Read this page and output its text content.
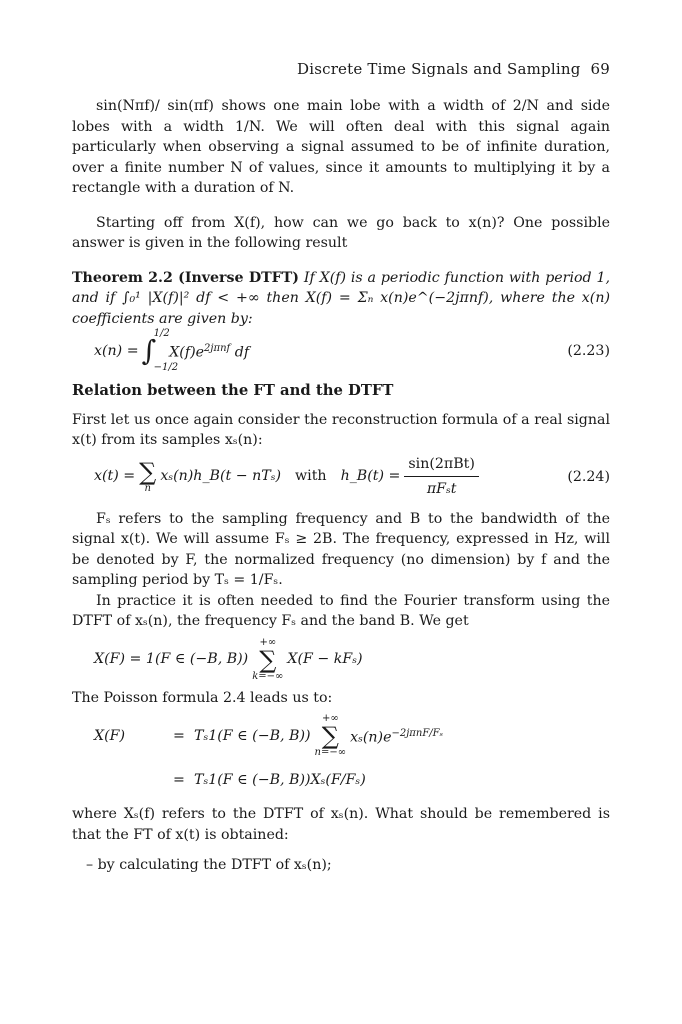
Discrete Time Signals and Sampling 69

sin(Nπf)/ sin(πf) shows one main lobe with a width of 2/N and side lobes with a width 1/N. We will often deal with this signal again particularly when observing a signal assumed to be of infinite duration, over a finite number N of values, since it amounts to multiplying it by a rectangle with a duration of N.

Starting off from X(f), how can we go back to x(n)? One possible answer is given in the following result

Theorem 2.2 (Inverse DTFT) If X(f) is a periodic function with period 1, and if ∫₀¹ |X(f)|² df < +∞ then X(f) = Σₙ x(n)e^(−2jπnf), where the x(n) coefficients are given by:

x(n) = ∫
1/2
−1/2
$X(f)e^{2j\pi nf}$ df	(2.23)

Relation between the FT and the DTFT

First let us once again consider the reconstruction formula of a real signal x(t) from its samples xₛ(n):

x(t) = ∑
n
xₛ(n)h_B(t − nTₛ) with h_B(t) = $\frac{\text{sin(2πBt)}}{\text{πFₛt}}$	(2.24)

Fₛ refers to the sampling frequency and B to the bandwidth of the signal x(t). We will assume Fₛ ≥ 2B. The frequency, expressed in Hz, will be denoted by F, the normalized frequency (no dimension) by f and the sampling period by Tₛ = 1/Fₛ.

In practice it is often needed to find the Fourier transform using the DTFT of xₛ(n), the frequency Fₛ and the band B. We get

X(F) = 1(F ∈ (−B, B))
+∞
∑
k=−∞
X(F − kFₛ)

The Poisson formula 2.4 leads us to:

X(F)	= Tₛ1(F ∈ (−B, B))
+∞
∑
n=−∞
$x_s(n)e^{-2j\pi nF/F_s}$
= Tₛ1(F ∈ (−B, B))Xₛ(F/Fₛ)

where Xₛ(f) refers to the DTFT of xₛ(n). What should be remembered is that the FT of x(t) is obtained:

– by calculating the DTFT of xₛ(n);
